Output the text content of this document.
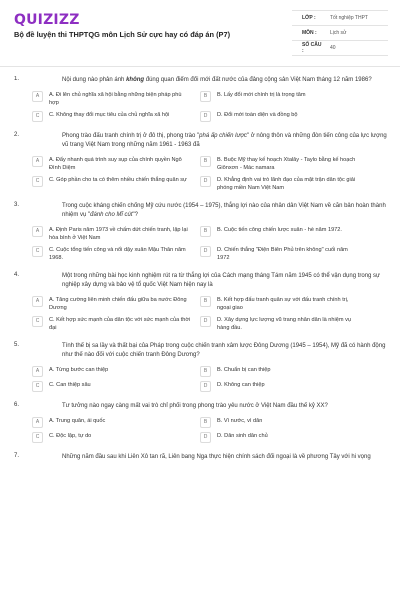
QUIZIZZ
Bộ đề luyện thi THPTQG môn Lịch Sử cực hay có đáp án (P7)
LỚP :	Tốt nghiệp THPT
MÔN :	Lịch sử
SỐ CÂU :	40
1.	Nội dung nào phản ánh không đúng quan điểm đổi mới đất nước của đảng cộng sản Việt Nam tháng 12 năm 1986?
A	A. Đi lên chủ nghĩa xã hội bằng những biện pháp phù hợp
B	B. Lấy đổi mới chính trị là trọng tâm
C	C. Không thay đổi mục tiêu của chủ nghĩa xã hội	D	D. Đổi mới toàn diện và đồng bộ
2.	Phong trào đấu tranh chính trị ở đô thị, phong trào "phá ấp chiến lược" ở nông thôn và những đòn tiến công của lực lượng vũ trang Việt Nam trong những năm 1961 - 1963 đã
A	A. Đẩy nhanh quá trình suy sụp của chính quyền Ngô Đình Diệm
B	B. Buộc Mỹ thay kế hoạch Xtalây - Taylo bằng kế hoạch Giônxơn - Mác namara
C	C. Góp phần cho ta có thêm nhiều chiến thắng quân sự	D	D. Khẳng định vai trò lãnh đạo của mặt trận dân tộc giải phóng miền Nam Việt Nam
3.	Trong cuộc kháng chiến chống Mỹ cứu nước (1954 – 1975), thắng lợi nào của nhân dân Việt Nam về căn bản hoàn thành nhiệm vụ "đánh cho Mĩ cút"?
A	A. Định Paris năm 1973 về chấm dứt chiến tranh, lập lại hòa bình ở Việt Nam
B	B. Cuộc tiến công chiến lược xuân - hè năm 1972.
C	C. Cuộc tổng tiến công và nổi dậy xuân Mậu Thân năm 1968.
D	D. Chiến thắng "Điện Biên Phủ trên không" cuối năm 1972
4.	Một trong những bài học kinh nghiệm rút ra từ thắng lợi của Cách mạng tháng Tám năm 1945 có thể vận dụng trong sự nghiệp xây dựng và bảo vệ tổ quốc Việt Nam hiện nay là
A	A. Tăng cường liên minh chiến đấu giữa ba nước Đông Dương
B	B. Kết hợp đấu tranh quân sự với đấu tranh chính trị, ngoại giao
C	C. Kết hợp sức mạnh của dân tộc với sức mạnh của thời đại
D	D. Xây dựng lực lượng vũ trang nhân dân là nhiệm vụ hàng đầu.
5.	Tính thế bị sa lầy và thất bại của Pháp trong cuộc chiến tranh xâm lược Đông Dương (1945 – 1954), Mỹ đã có hành động như thế nào đối với cuộc chiến tranh Đông Dương?
A	A. Từng bước can thiệp	B	B. Chuẩn bị can thiệp
C	C. Can thiệp sâu	D	D. Không can thiệp
6.	Tư tưởng nào ngay càng mất vai trò chỉ phối trong phong trào yêu nước ở Việt Nam đầu thế kỷ XX?
A	A. Trung quân, ái quốc	B	B. Vì nước, vì dân
C	C. Độc lập, tự do	D	D. Dân sinh dân chủ
7.	Những năm đầu sau khi Liên Xô tan rã, Liên bang Nga thực hiện chính sách đối ngoại là về phương Tây với hi vọng
